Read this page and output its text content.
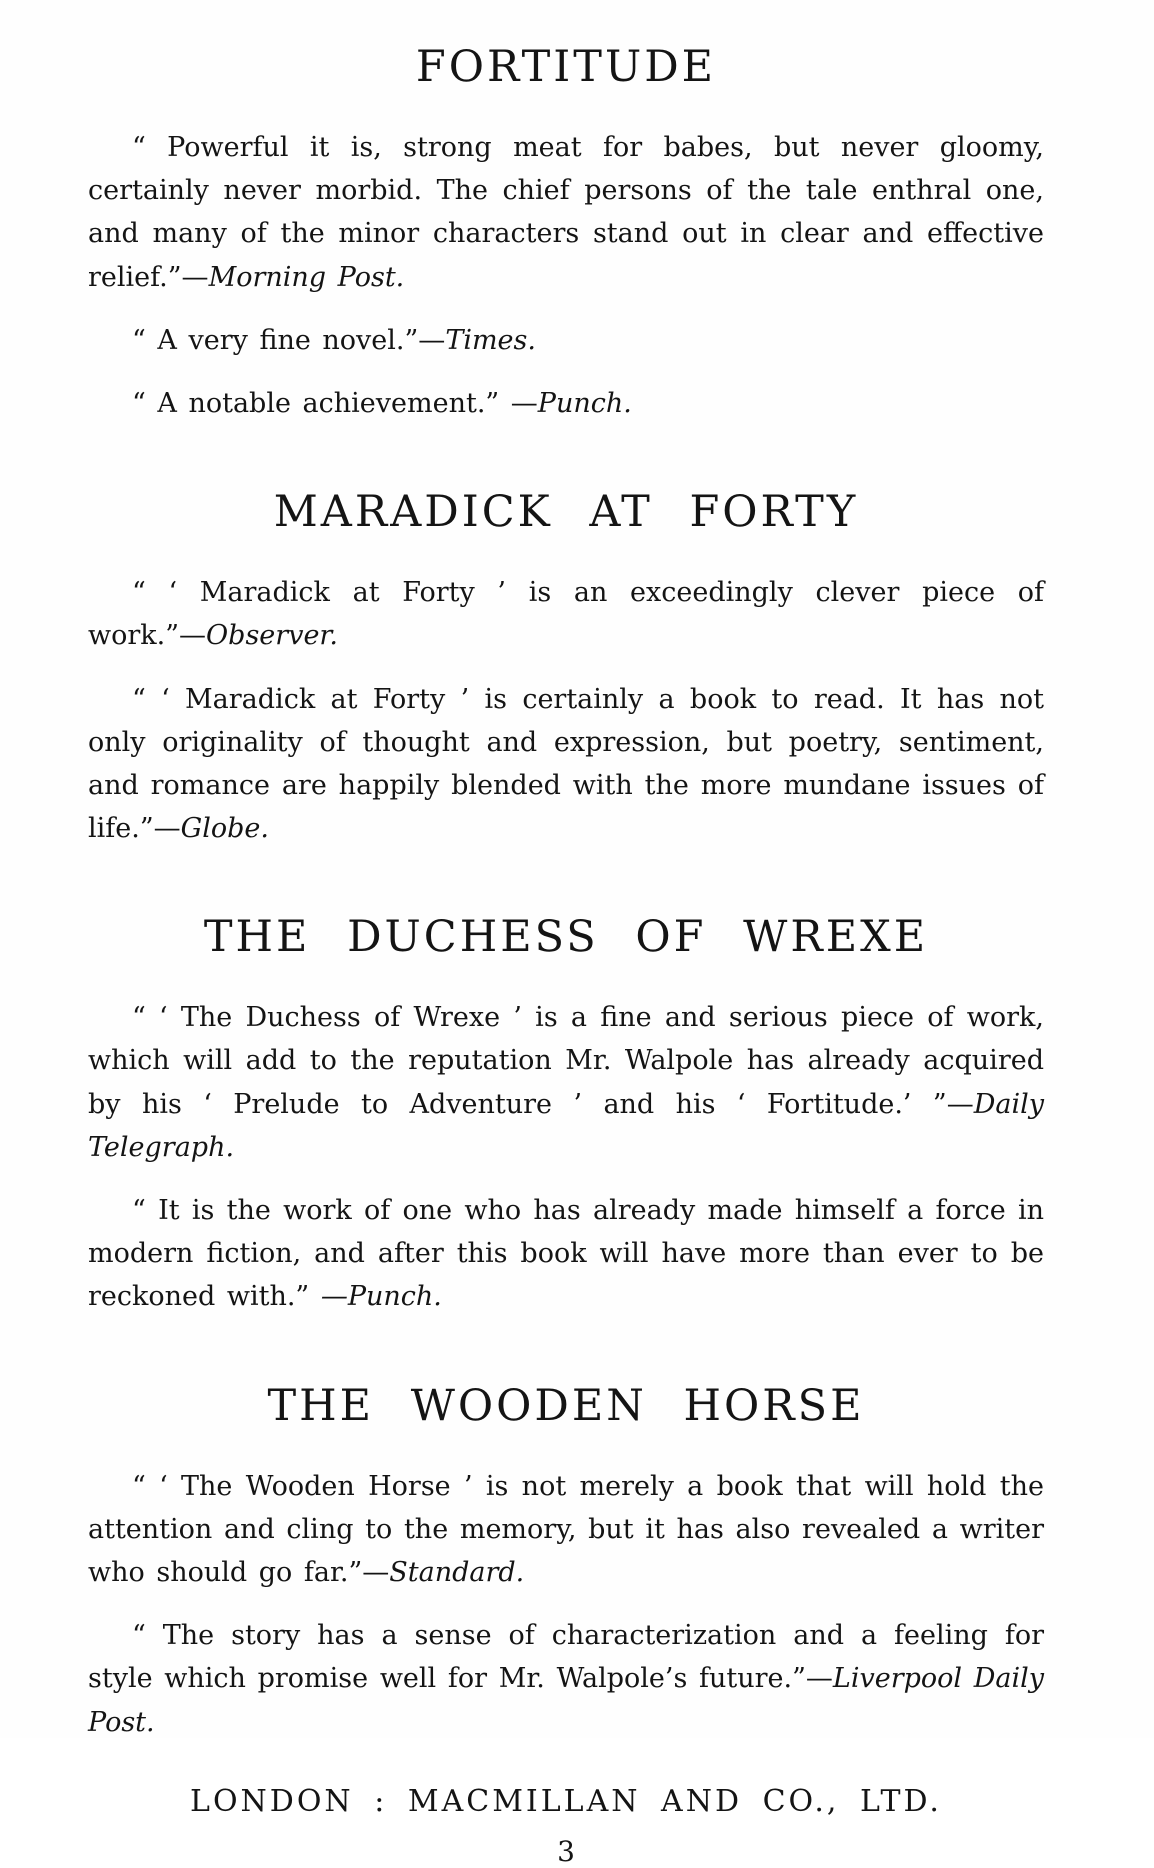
FORTITUDE

“ Powerful it is, strong meat for babes, but never gloomy, certainly never morbid. The chief persons of the tale enthral one, and many of the minor characters stand out in clear and effective relief.”—Morning Post.

“ A very fine novel.”—Times.

“ A notable achievement.” —Punch.

MARADICK AT FORTY

“ ‘ Maradick at Forty ’ is an exceedingly clever piece of work.”—Observer.

“ ‘ Maradick at Forty ’ is certainly a book to read. It has not only originality of thought and expression, but poetry, sentiment, and romance are happily blended with the more mundane issues of life.”—Globe.

THE DUCHESS OF WREXE

“ ‘ The Duchess of Wrexe ’ is a fine and serious piece of work, which will add to the reputation Mr. Walpole has already acquired by his ‘ Prelude to Adventure ’ and his ‘ Fortitude.’ ”—Daily Telegraph.

“ It is the work of one who has already made himself a force in modern fiction, and after this book will have more than ever to be reckoned with.” —Punch.

THE WOODEN HORSE

“ ‘ The Wooden Horse ’ is not merely a book that will hold the attention and cling to the memory, but it has also revealed a writer who should go far.”—Standard.

“ The story has a sense of characterization and a feeling for style which promise well for Mr. Walpole’s future.”—Liverpool Daily Post.

LONDON : MACMILLAN AND CO., LTD.
3
